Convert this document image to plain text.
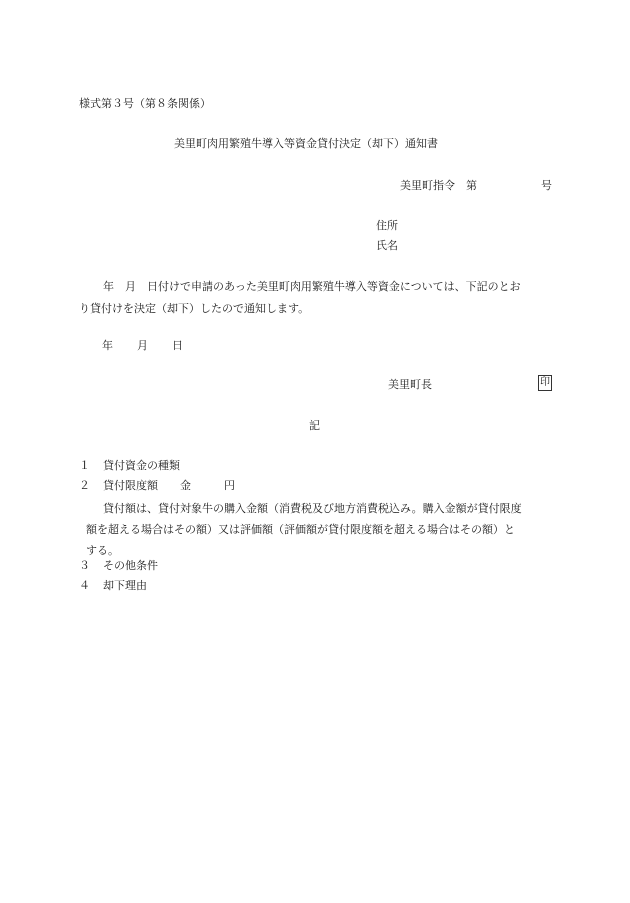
様式第３号（第８条関係）
美里町肉用繁殖牛導入等資金貸付決定（却下）通知書
美里町指令　第	号
住所
氏名
年　月　日付けで申請のあった美里町肉用繁殖牛導入等資金については、下記のとお
り貸付けを決定（却下）したので通知します。
年 月 日
美里町長	印
記
１ 貸付資金の種類
２ 貸付限度額　　金　　　円
貸付額は、貸付対象牛の購入金額（消費税及び地方消費税込み。購入金額が貸付限度
額を超える場合はその額）又は評価額（評価額が貸付限度額を超える場合はその額）と
する。
３ その他条件
４ 却下理由
